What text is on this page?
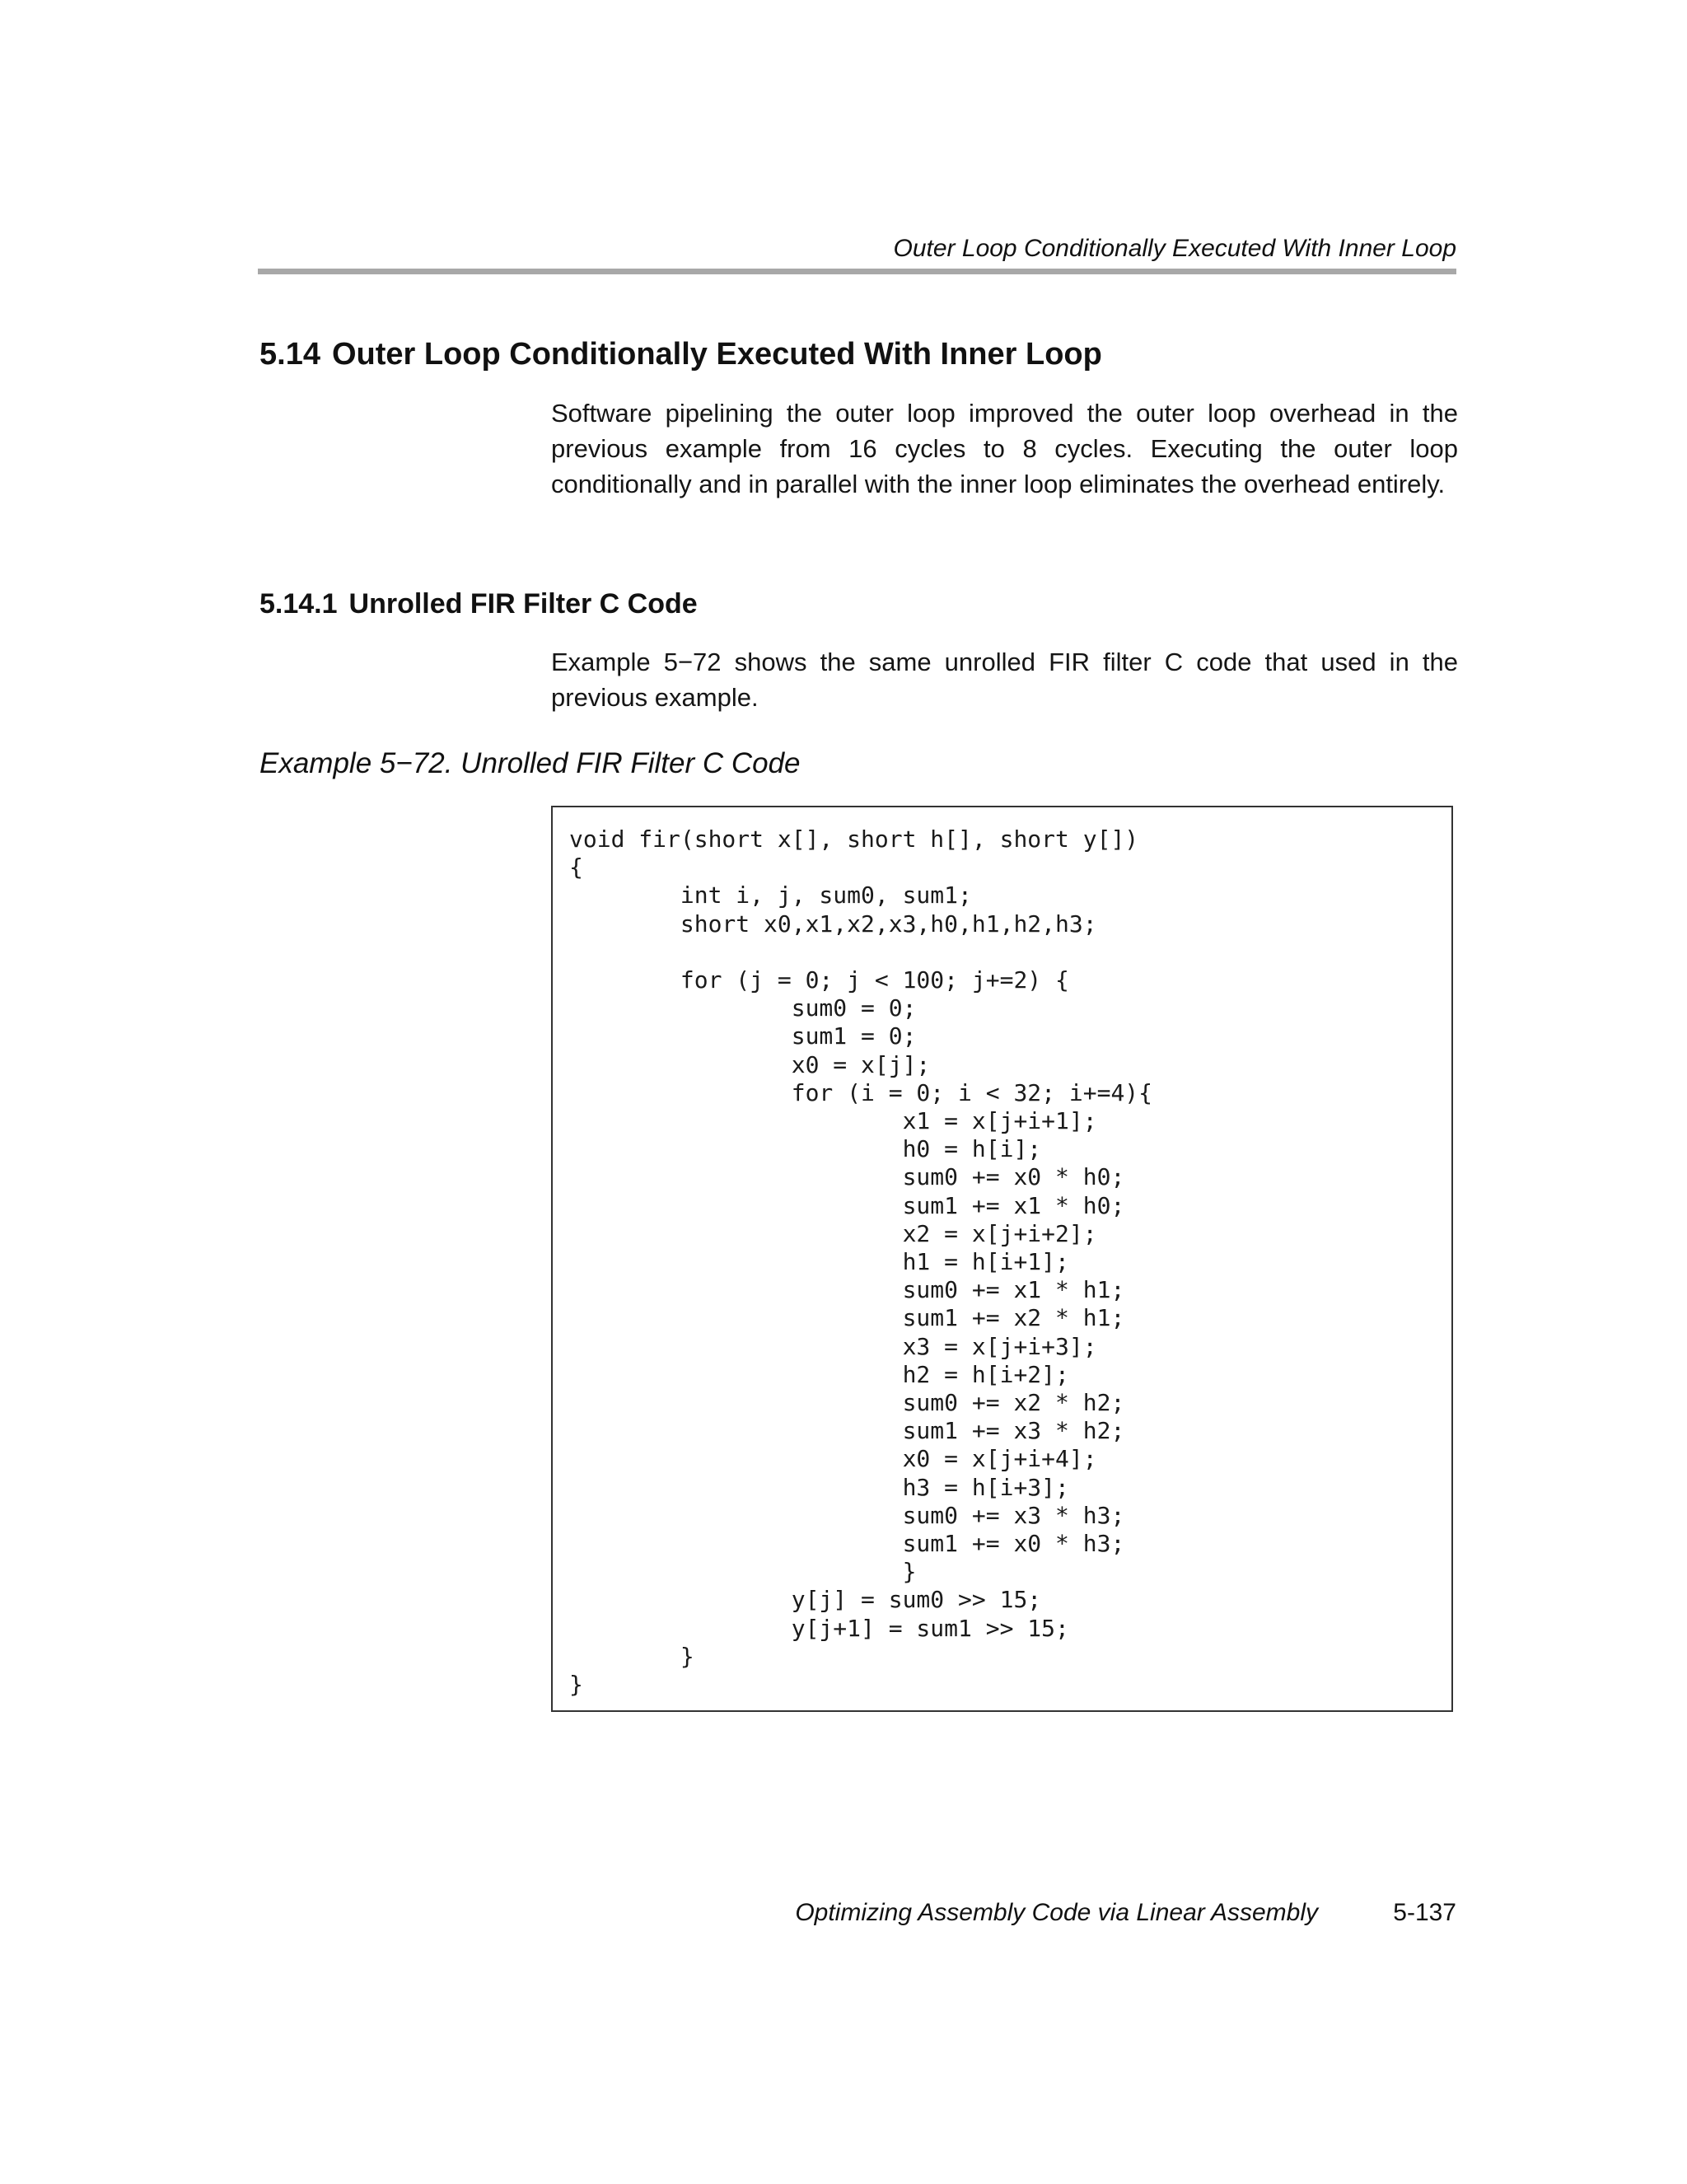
Outer Loop Conditionally Executed With Inner Loop
5.14 Outer Loop Conditionally Executed With Inner Loop

Software pipelining the outer loop improved the outer loop overhead in the previous example from 16 cycles to 8 cycles. Executing the outer loop conditionally and in parallel with the inner loop eliminates the overhead entirely.

5.14.1 Unrolled FIR Filter C Code

Example 5−72 shows the same unrolled FIR filter C code that used in the previous example.

Example 5−72. Unrolled FIR Filter C Code
void fir(short x[], short h[], short y[])
{
int i, j, sum0, sum1;
short x0,x1,x2,x3,h0,h1,h2,h3;

for (j = 0; j < 100; j+=2) {
sum0 = 0;
sum1 = 0;
x0 = x[j];
for (i = 0; i < 32; i+=4){
x1 = x[j+i+1];
h0 = h[i];
sum0 += x0 * h0;
sum1 += x1 * h0;
x2 = x[j+i+2];
h1 = h[i+1];
sum0 += x1 * h1;
sum1 += x2 * h1;
x3 = x[j+i+3];
h2 = h[i+2];
sum0 += x2 * h2;
sum1 += x3 * h2;
x0 = x[j+i+4];
h3 = h[i+3];
sum0 += x3 * h3;
sum1 += x0 * h3;
}
y[j] = sum0 >> 15;
y[j+1] = sum1 >> 15;
}
}
Optimizing Assembly Code via Linear Assembly	5-137
